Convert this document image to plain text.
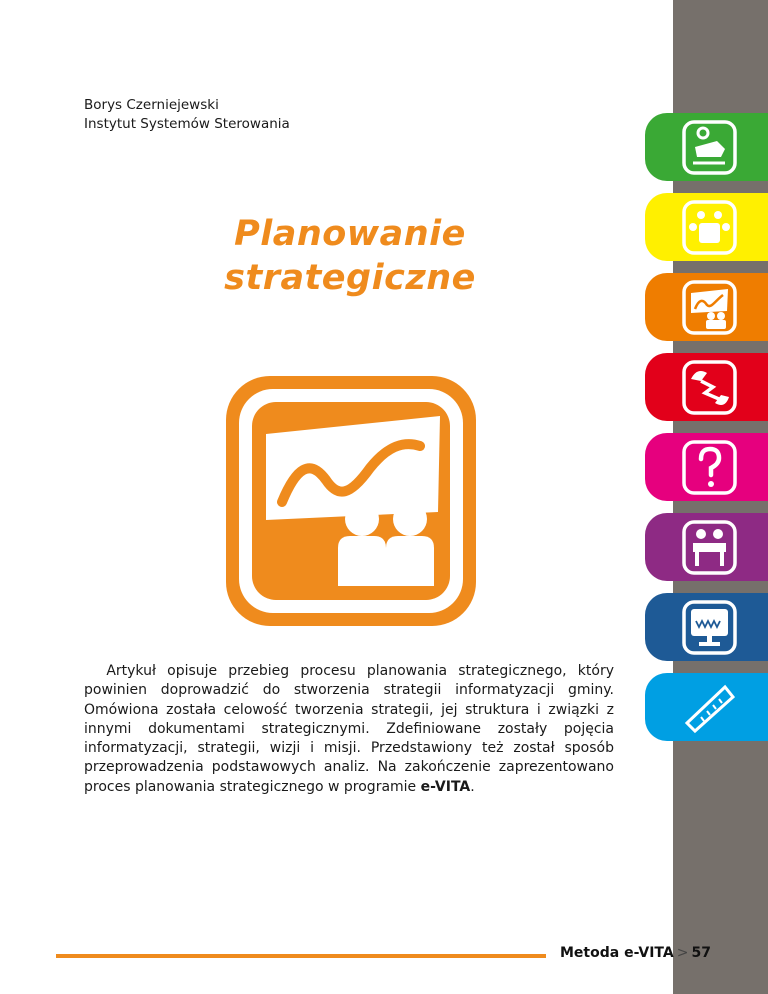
Borys Czerniejewski
Instytut Systemów Sterowania
Planowanie
strategiczne

Artykuł opisuje przebieg procesu planowania strategicznego, który powinien doprowadzić do stworzenia strategii informatyzacji gminy. Omówiona została celowość tworzenia strategii, jej struktura i związki z innymi dokumentami strategicznymi. Zdefiniowane zostały pojęcia informatyzacji, strategii, wizji i misji. Przedstawiony też został sposób przeprowadzenia podstawowych analiz. Na zakończenie zaprezentowano proces planowania strategicznego w programie e-VITA.

Metoda e-VITA > 57
